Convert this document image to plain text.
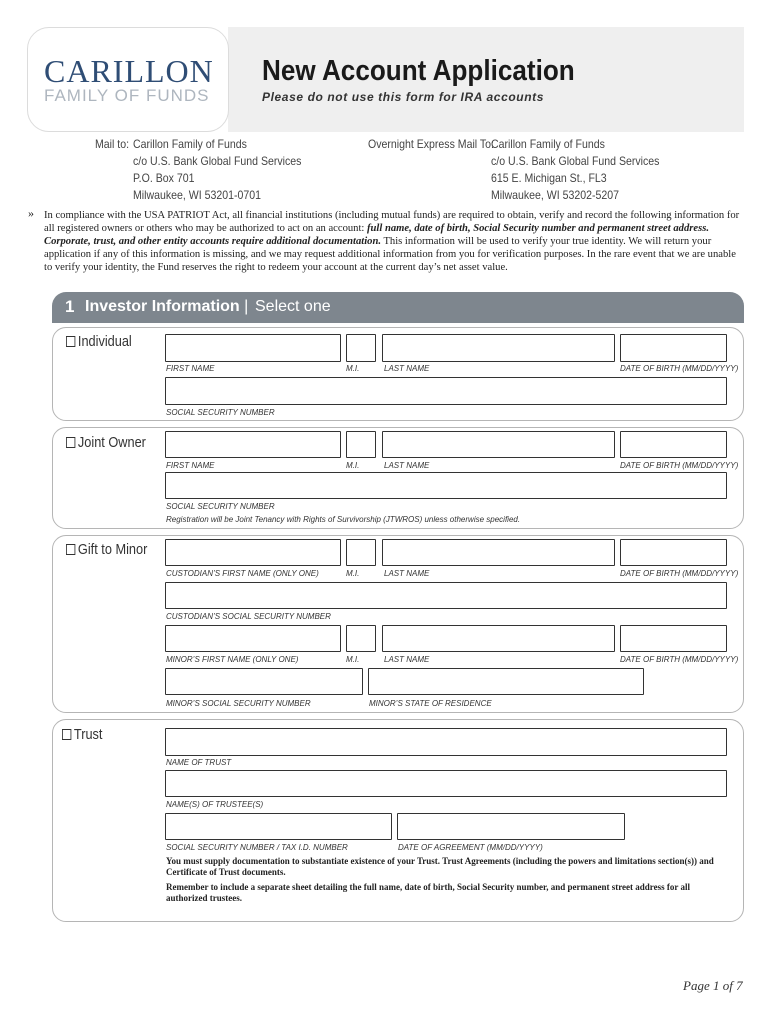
CARILLON
FAMILY OF FUNDS
New Account Application
Please do not use this form for IRA accounts
Mail to: Carillon Family of Funds
c/o U.S. Bank Global Fund Services
P.O. Box 701
Milwaukee, WI 53201-0701
Overnight Express Mail To:
Carillon Family of Funds
c/o U.S. Bank Global Fund Services
615 E. Michigan St., FL3
Milwaukee, WI 53202-5207
» In compliance with the USA PATRIOT Act, all financial institutions (including mutual funds) are required to obtain, verify and record the following information for all registered owners or others who may be authorized to act on an account: full name, date of birth, Social Security number and permanent street address. Corporate, trust, and other entity accounts require additional documentation. This information will be used to verify your true identity. We will return your application if any of this information is missing, and we may request additional information from you for verification purposes. In the rare event that we are unable to verify your identity, the Fund reserves the right to redeem your account at the current day’s net asset value.
1 Investor Information | Select one
Individual
FIRST NAME	M.I.	LAST NAME	DATE OF BIRTH (MM/DD/YYYY)
SOCIAL SECURITY NUMBER
Joint Owner
FIRST NAME	M.I.	LAST NAME	DATE OF BIRTH (MM/DD/YYYY)
SOCIAL SECURITY NUMBER
Registration will be Joint Tenancy with Rights of Survivorship (JTWROS) unless otherwise specified.
Gift to Minor
CUSTODIAN’S FIRST NAME (ONLY ONE)	M.I.	LAST NAME	DATE OF BIRTH (MM/DD/YYYY)
CUSTODIAN’S SOCIAL SECURITY NUMBER
MINOR’S FIRST NAME (ONLY ONE)	M.I.	LAST NAME	DATE OF BIRTH (MM/DD/YYYY)
MINOR’S SOCIAL SECURITY NUMBER	MINOR’S STATE OF RESIDENCE
Trust
NAME OF TRUST
NAME(S) OF TRUSTEE(S)
SOCIAL SECURITY NUMBER / TAX I.D. NUMBER	DATE OF AGREEMENT (MM/DD/YYYY)
You must supply documentation to substantiate existence of your Trust. Trust Agreements (including the powers and limitations section(s)) and Certificate of Trust documents.
Remember to include a separate sheet detailing the full name, date of birth, Social Security number, and permanent street address for all authorized trustees.
Page 1 of 7
